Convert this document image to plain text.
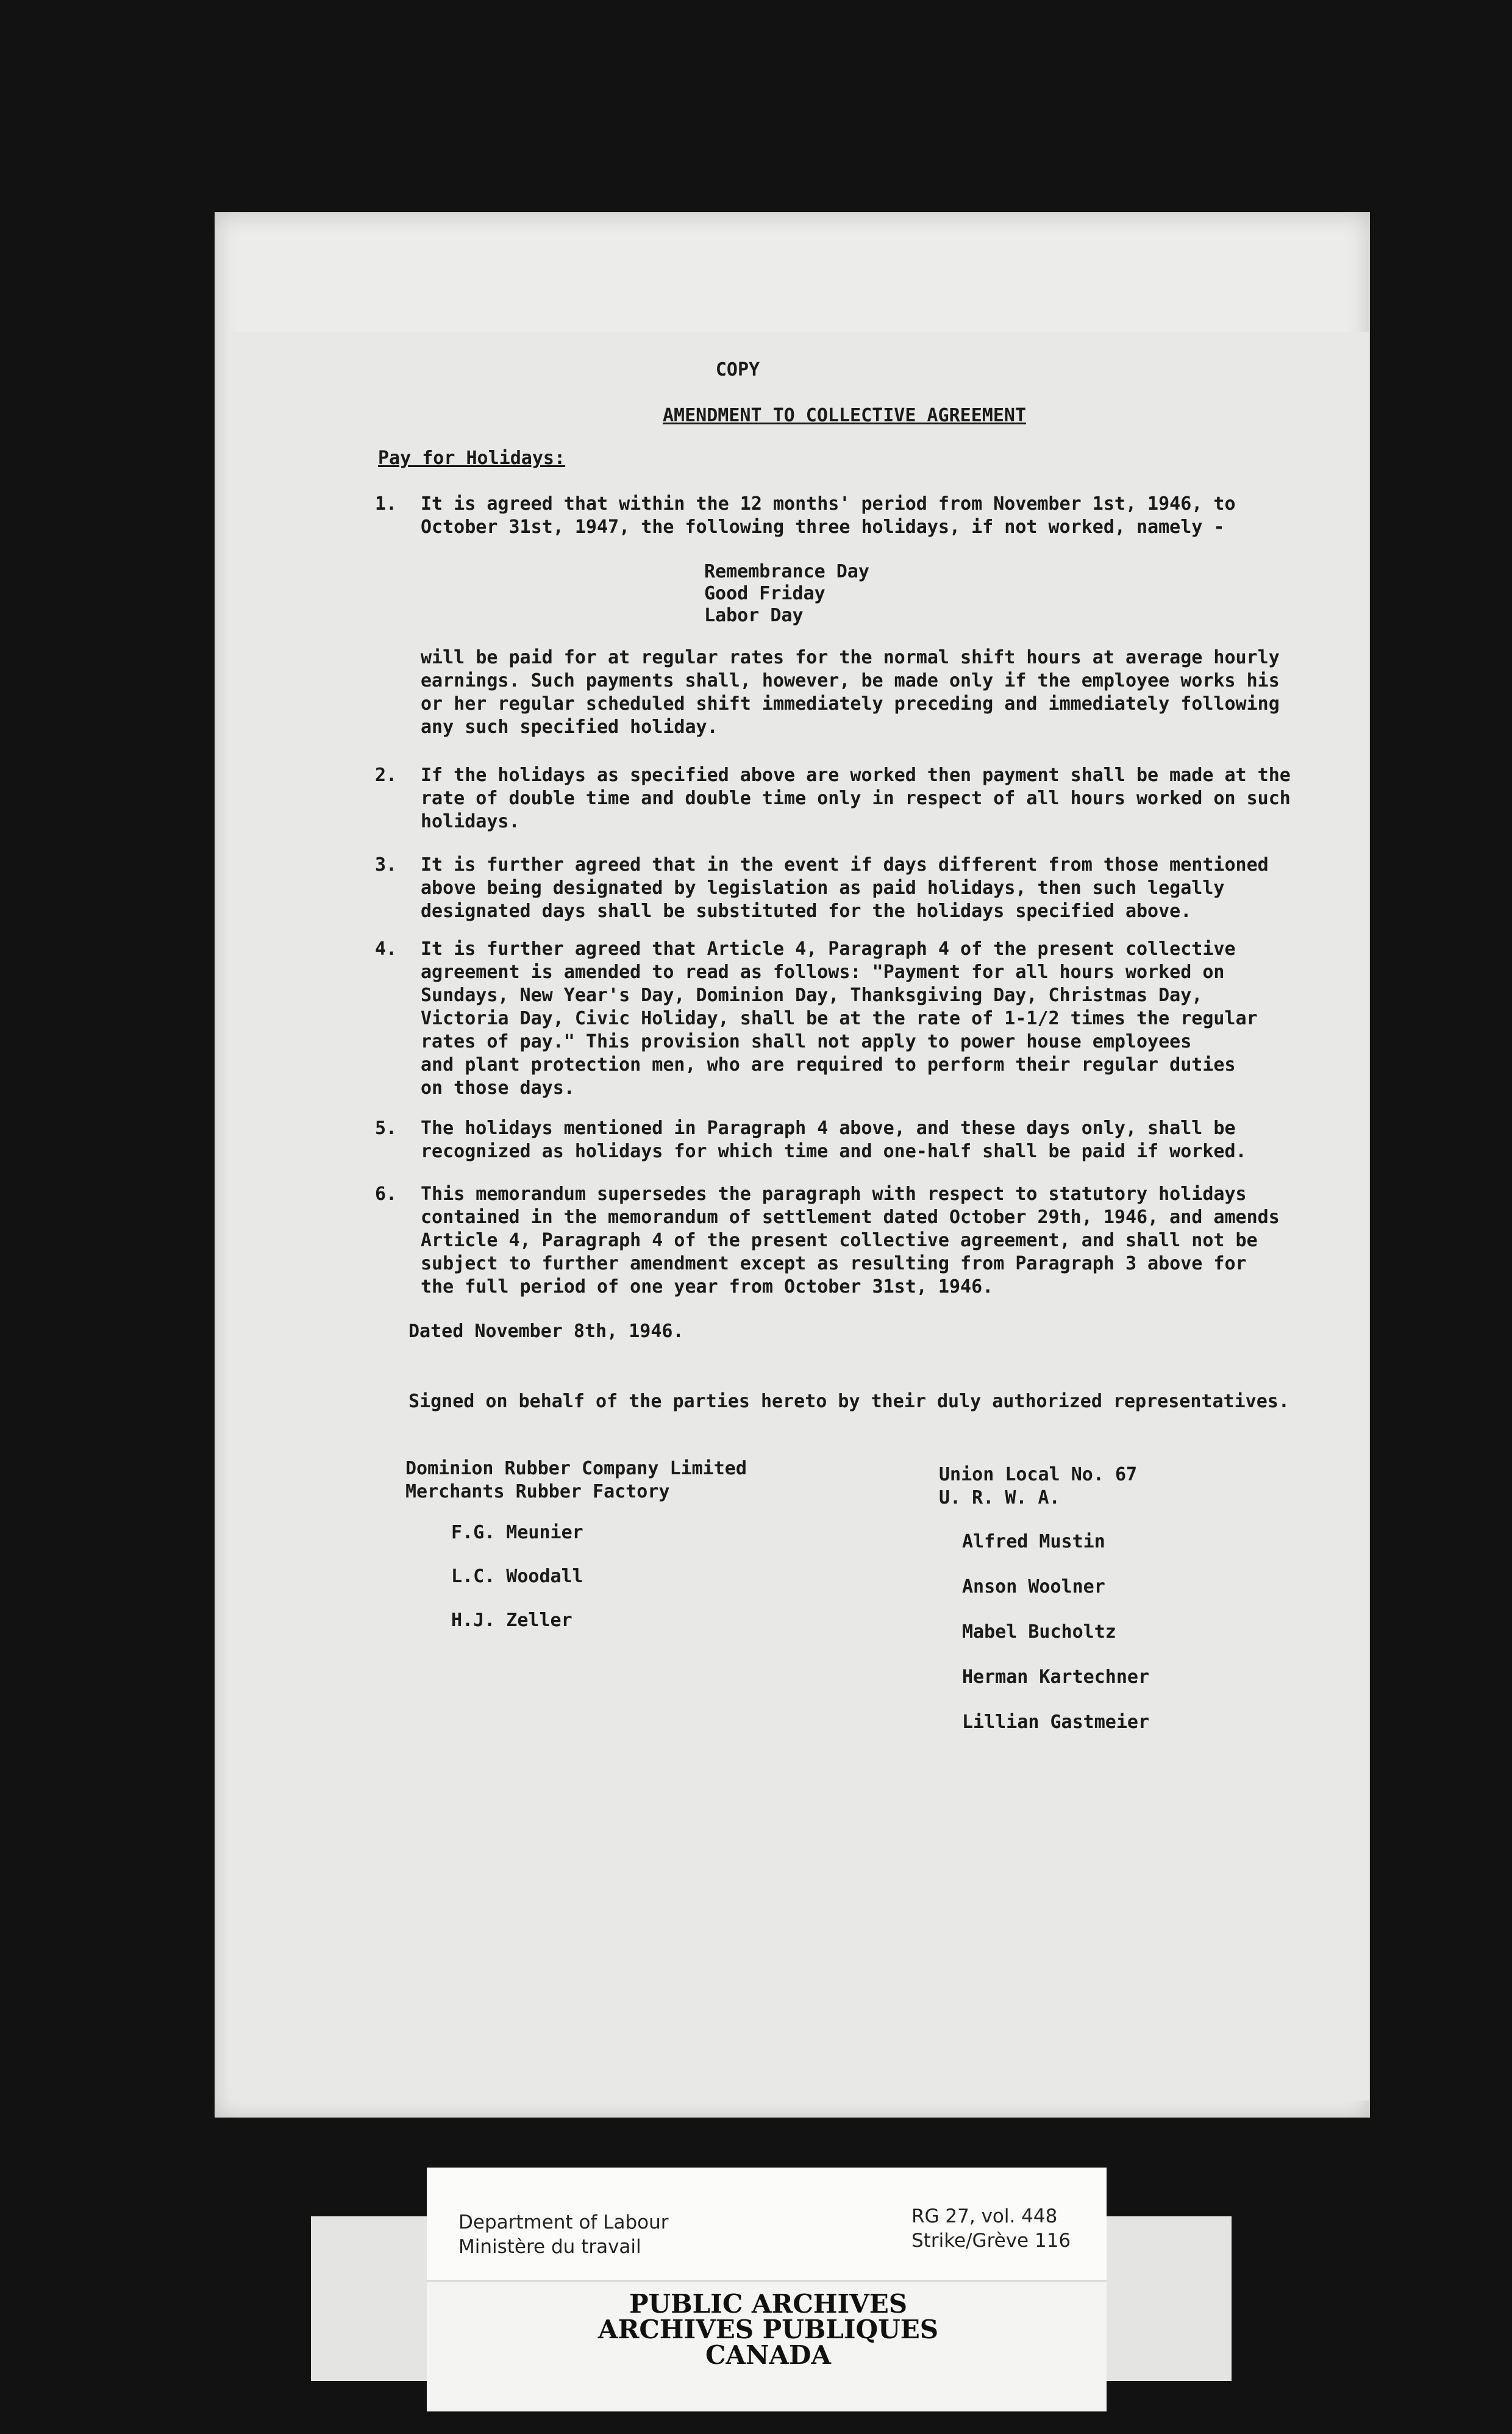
COPY
AMENDMENT TO COLLECTIVE AGREEMENT
Pay for Holidays:
1.	It is agreed that within the 12 months' period from November 1st, 1946, to

October 31st, 1947, the following three holidays, if not worked, namely -

Remembrance Day
Good Friday
Labor Day

will be paid for at regular rates for the normal shift hours at average hourly

earnings. Such payments shall, however, be made only if the employee works his

or her regular scheduled shift immediately preceding and immediately following

any such specified holiday.

2.	If the holidays as specified above are worked then payment shall be made at the

rate of double time and double time only in respect of all hours worked on such

holidays.

3.	It is further agreed that in the event if days different from those mentioned

above being designated by legislation as paid holidays, then such legally

designated days shall be substituted for the holidays specified above.

4.	It is further agreed that Article 4, Paragraph 4 of the present collective

agreement is amended to read as follows: "Payment for all hours worked on

Sundays, New Year's Day, Dominion Day, Thanksgiving Day, Christmas Day,

Victoria Day, Civic Holiday, shall be at the rate of 1-1/2 times the regular

rates of pay." This provision shall not apply to power house employees

and plant protection men, who are required to perform their regular duties

on those days.

5.	The holidays mentioned in Paragraph 4 above, and these days only, shall be

recognized as holidays for which time and one-half shall be paid if worked.

6.	This memorandum supersedes the paragraph with respect to statutory holidays

contained in the memorandum of settlement dated October 29th, 1946, and amends

Article 4, Paragraph 4 of the present collective agreement, and shall not be

subject to further amendment except as resulting from Paragraph 3 above for

the full period of one year from October 31st, 1946.

Dated November 8th, 1946.
Signed on behalf of the parties hereto by their duly authorized representatives.
Dominion Rubber Company Limited
Merchants Rubber Factory
F.G. Meunier
L.C. Woodall
H.J. Zeller
Union Local No. 67
U. R. W. A.
Alfred Mustin
Anson Woolner
Mabel Bucholtz
Herman Kartechner
Lillian Gastmeier
Department of Labour
Ministère du travail
RG 27, vol. 448
Strike/Grève 116
PUBLIC ARCHIVES
ARCHIVES PUBLIQUES
CANADA
